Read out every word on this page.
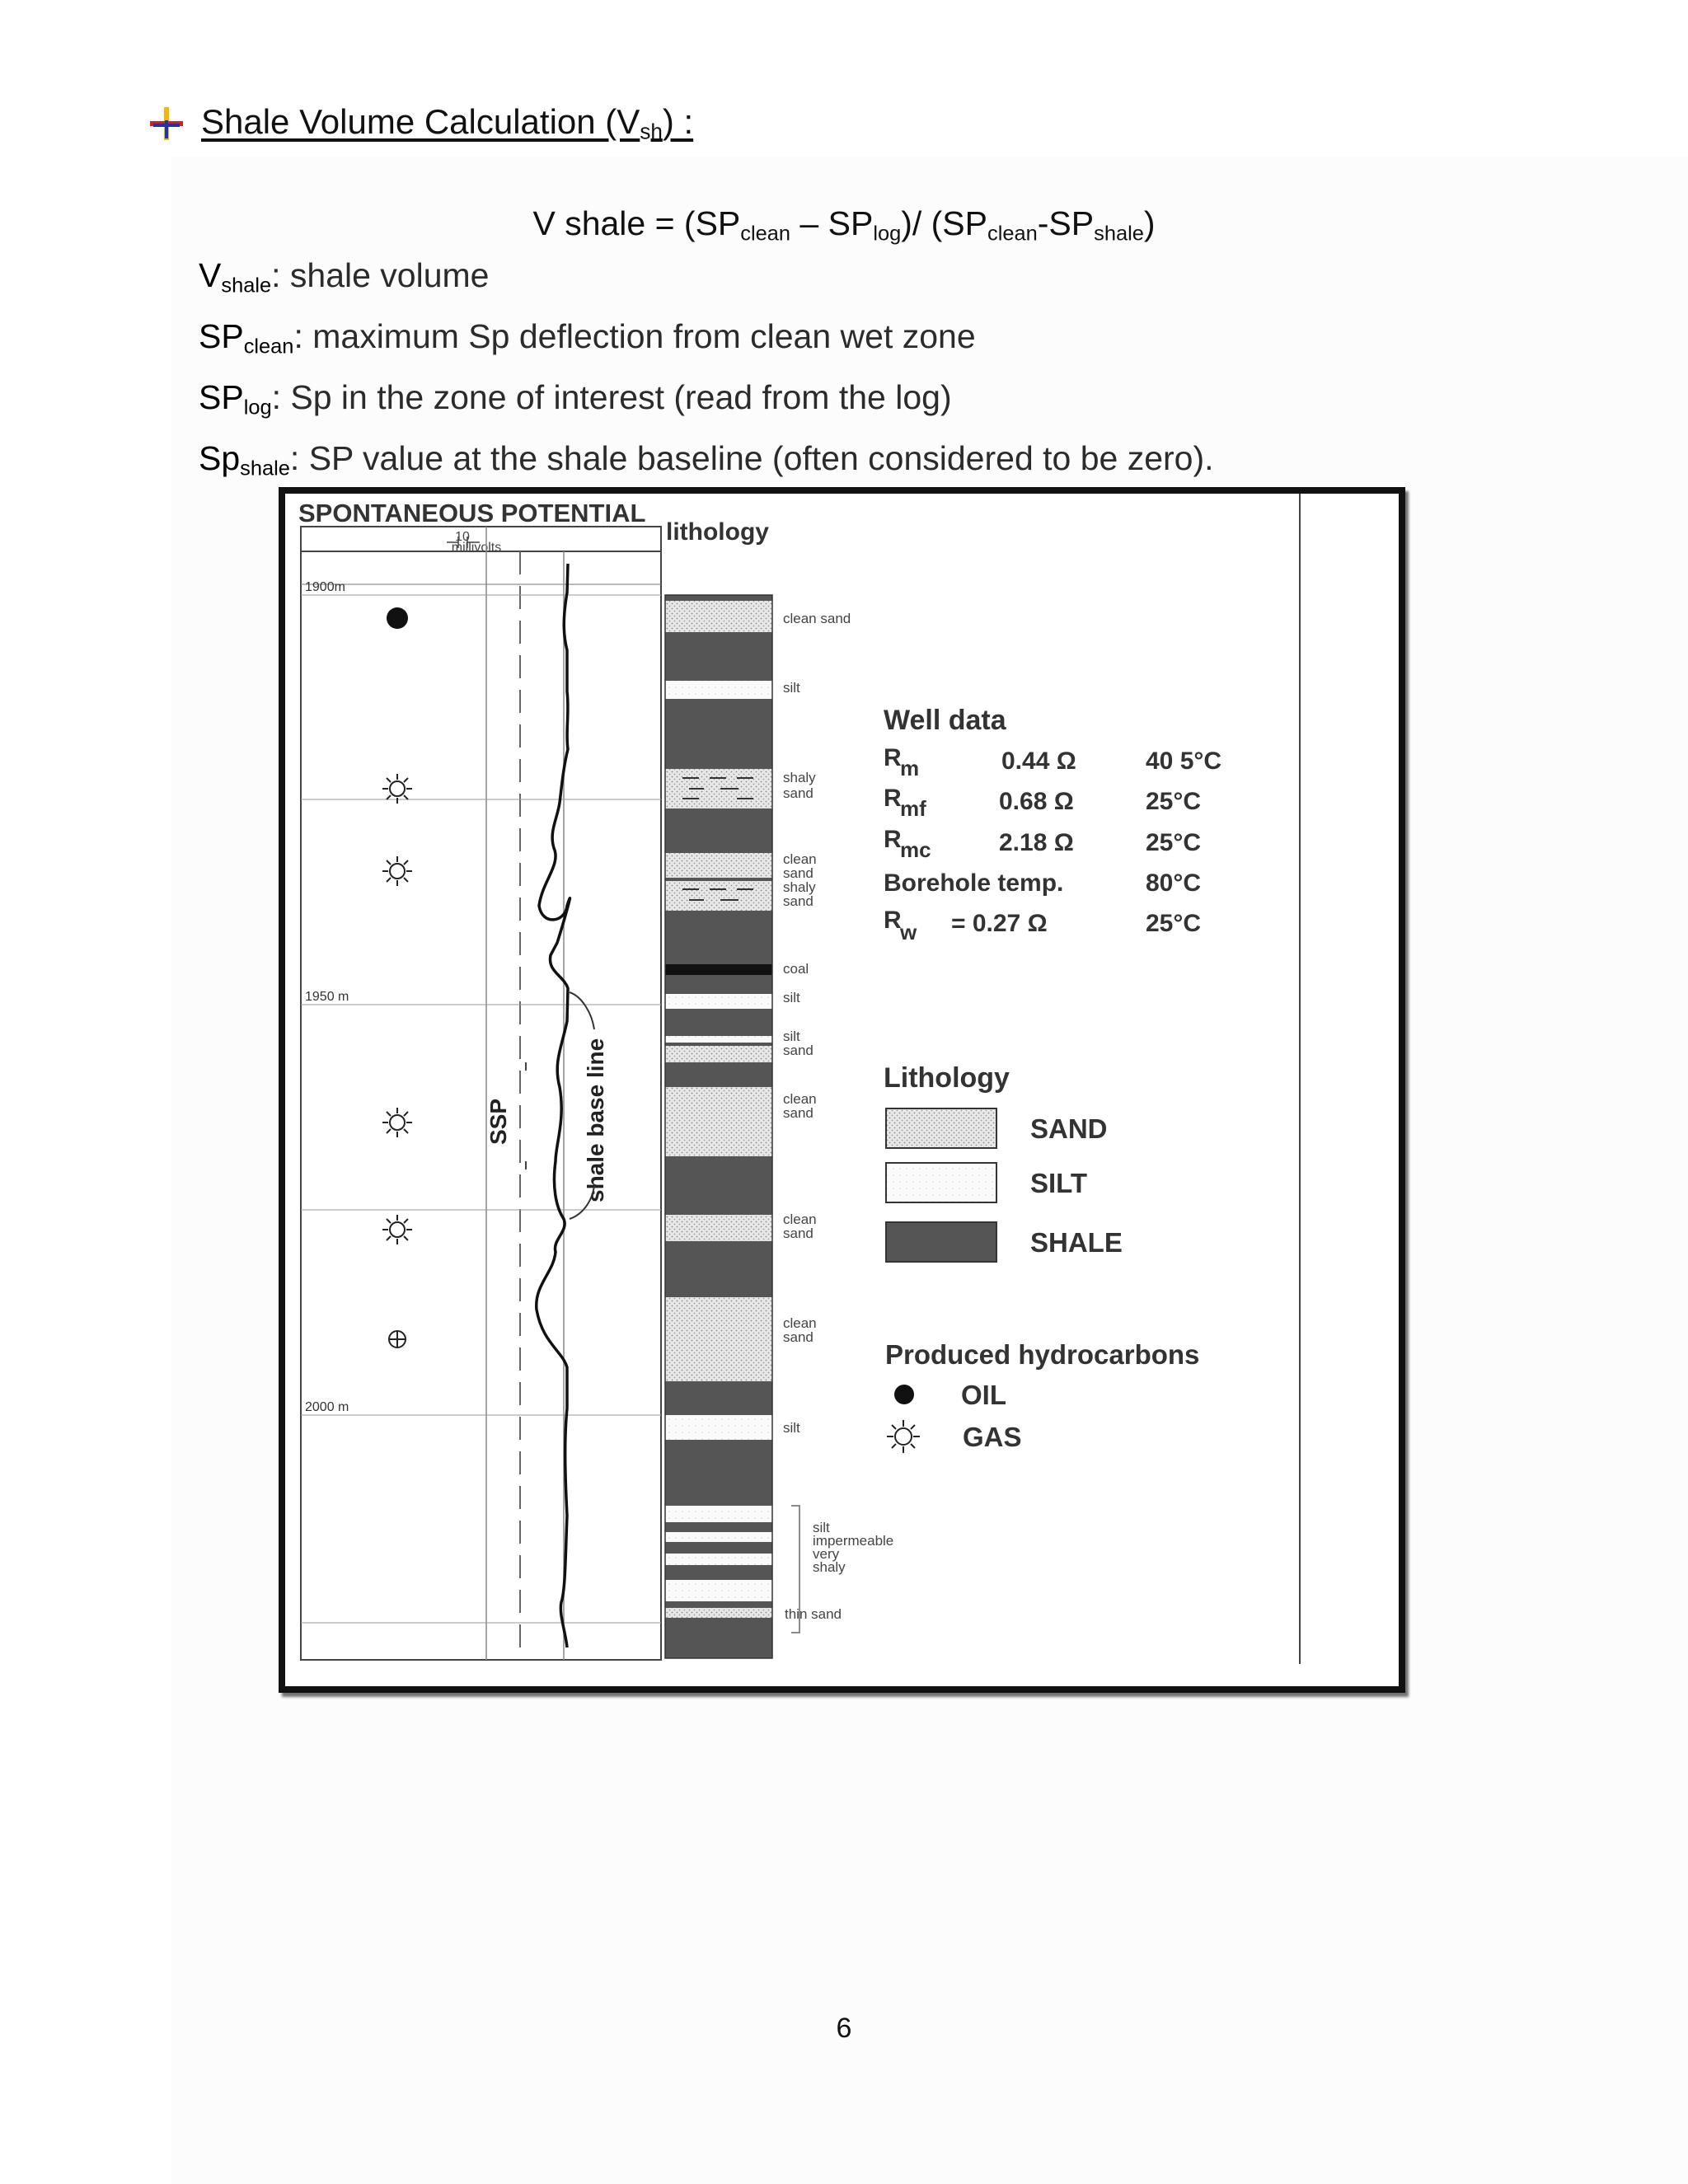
Shale Volume Calculation $(V_{sh})$ :
V shale = $(SP_{clean} - SP_{log})/$ $(SP_{clean}-SP_{shale})$
$V_{shale}$: shale volume
$SP_{clean}$: maximum Sp deflection from clean wet zone
$SP_{log}$: Sp in the zone of interest (read from the log)
$Sp_{shale}$: SP value at the shale baseline (often considered to be zero).
SPONTANEOUS POTENTIAL
10
millivolts
1900m
1950 m
2000 m
SSP	shale base line
lithology
clean sand
silt
shaly
sand
clean
sand
shaly
sand
coal
silt
silt
sand
clean
sand
clean
sand
clean
sand
silt
silt
impermeable
very
shaly
thin sand
Well data
R
m	0.44 Ω	40 5°C
R
mf	0.68 Ω	25°C
R
mc	2.18 Ω	25°C
Borehole temp.	80°C
R
w = 0.27 Ω	25°C
Lithology
SAND
SILT
SHALE
Produced hydrocarbons
OIL
GAS
6
